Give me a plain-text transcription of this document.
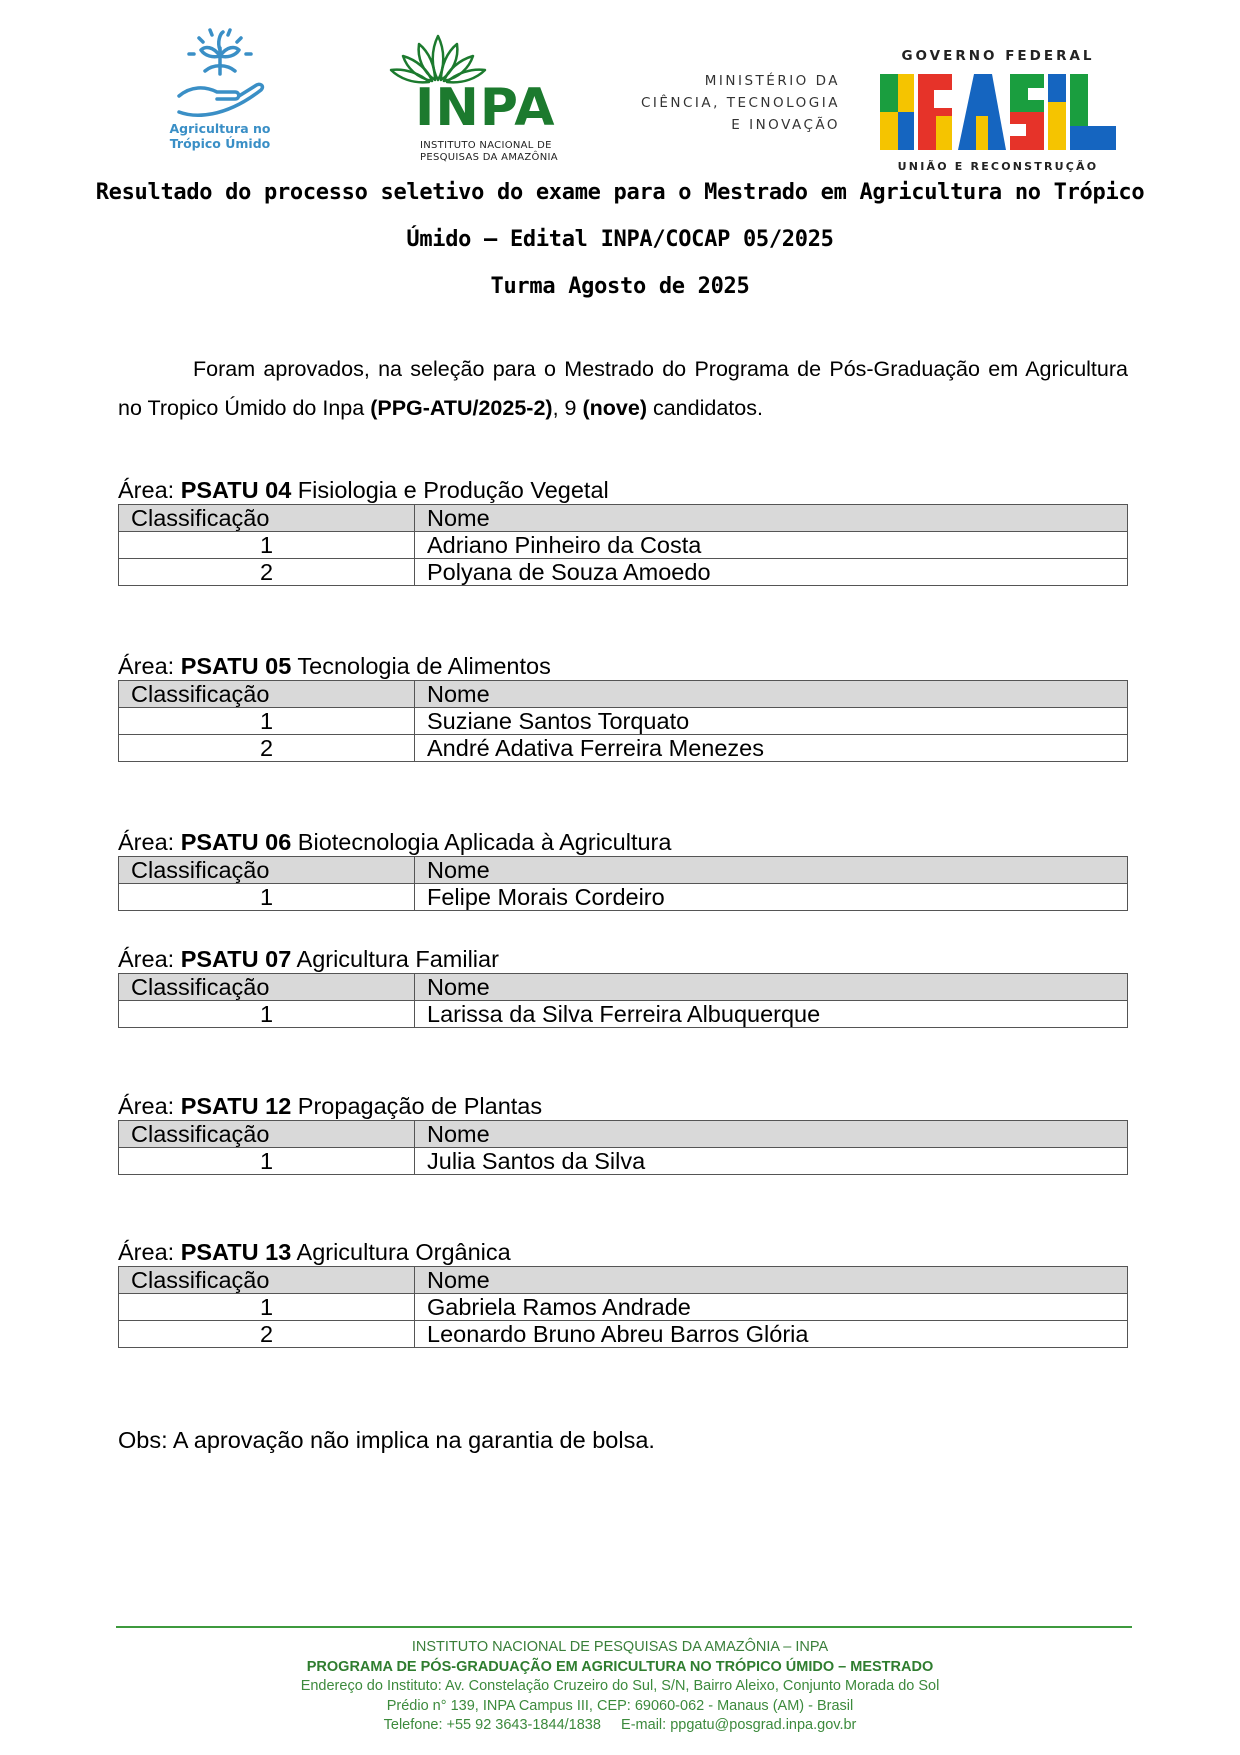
Agricultura no
Trópico Úmido
INPA
INSTITUTO NACIONAL DE
PESQUISAS DA AMAZÔNIA
MINISTÉRIO DA
CIÊNCIA, TECNOLOGIA
E INOVAÇÃO
GOVERNO FEDERAL
UNIÃO E RECONSTRUÇÃO
Resultado do processo seletivo do exame para o Mestrado em Agricultura no Trópico
Úmido – Edital INPA/COCAP 05/2025
Turma Agosto de 2025
Foram aprovados, na seleção para o Mestrado do Programa de Pós-Graduação em Agricultura no Tropico Úmido do Inpa (PPG-ATU/2025-2), 9 (nove) candidatos.
Área: PSATU 04 Fisiologia e Produção Vegetal
Classificação	Nome
1	Adriano Pinheiro da Costa
2	Polyana de Souza Amoedo
Área: PSATU 05 Tecnologia de Alimentos
Classificação	Nome
1	Suziane Santos Torquato
2	André Adativa Ferreira Menezes
Área: PSATU 06 Biotecnologia Aplicada à Agricultura
Classificação	Nome
1	Felipe Morais Cordeiro
Área: PSATU 07 Agricultura Familiar
Classificação	Nome
1	Larissa da Silva Ferreira Albuquerque
Área: PSATU 12 Propagação de Plantas
Classificação	Nome
1	Julia Santos da Silva
Área: PSATU 13 Agricultura Orgânica
Classificação	Nome
1	Gabriela Ramos Andrade
2	Leonardo Bruno Abreu Barros Glória
Obs: A aprovação não implica na garantia de bolsa.
INSTITUTO NACIONAL DE PESQUISAS DA AMAZÔNIA – INPA
PROGRAMA DE PÓS-GRADUAÇÃO EM AGRICULTURA NO TRÓPICO ÚMIDO – MESTRADO
Endereço do Instituto: Av. Constelação Cruzeiro do Sul, S/N, Bairro Aleixo, Conjunto Morada do Sol
Prédio n° 139, INPA Campus III, CEP: 69060-062 - Manaus (AM) - Brasil
Telefone: +55 92 3643-1844/1838     E-mail: ppgatu@posgrad.inpa.gov.br
